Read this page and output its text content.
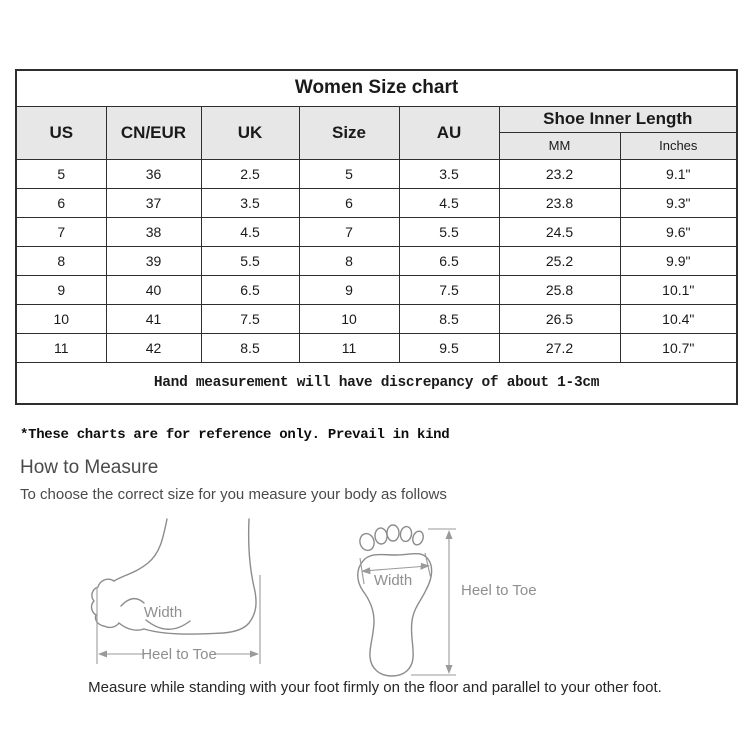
Women Size chart						
US	CN/EUR	UK	Size	AU	Shoe Inner Length	
					MM	Inches
5	36	2.5	5	3.5	23.2	9.1"
6	37	3.5	6	4.5	23.8	9.3"
7	38	4.5	7	5.5	24.5	9.6"
8	39	5.5	8	6.5	25.2	9.9"
9	40	6.5	9	7.5	25.8	10.1"
10	41	7.5	10	8.5	26.5	10.4"
11	42	8.5	11	9.5	27.2	10.7"
Hand measurement will have discrepancy of about 1-3cm						
*These charts are for reference only. Prevail in kind
How to Measure
To choose the correct size for you measure your body as follows
Width
Heel to Toe
Width
Heel to Toe
Measure while standing with your foot firmly on the floor and parallel to your other foot.
